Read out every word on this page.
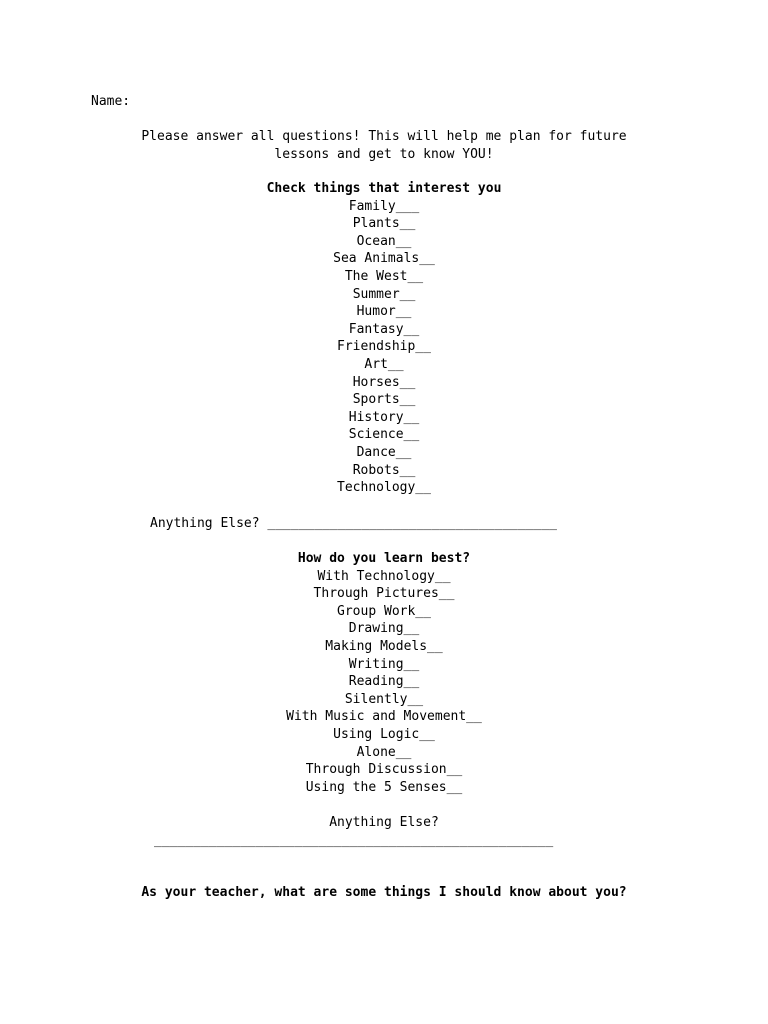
Name:
Please answer all questions! This will help me plan for future
lessons and get to know YOU!
Check things that interest you
Family___
Plants__
Ocean__
Sea Animals__
The West__
Summer__
Humor__
Fantasy__
Friendship__
Art__
Horses__
Sports__
History__
Science__
Dance__
Robots__
Technology__
Anything Else? _____________________________________
How do you learn best?
With Technology__
Through Pictures__
Group Work__
Drawing__
Making Models__
Writing__
Reading__
Silently__
With Music and Movement__
Using Logic__
Alone__
Through Discussion__
Using the 5 Senses__
Anything Else?
___________________________________________________
As your teacher, what are some things I should know about you?
